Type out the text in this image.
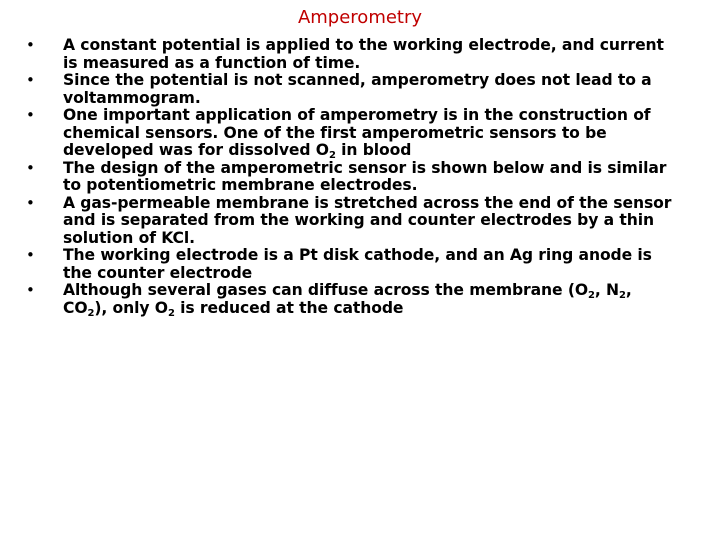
Amperometry
• A constant potential is applied to the working electrode, and current is measured as a function of time.
• Since the potential is not scanned, amperometry does not lead to a voltammogram.
• One important application of amperometry is in the construction of chemical sensors. One of the first amperometric sensors to be developed was for dissolved $O_2$ in blood
• The design of the amperometric sensor is shown below and is similar to potentiometric membrane electrodes.
• A gas‑permeable membrane is stretched across the end of the sensor and is separated from the working and counter electrodes by a thin solution of KCl.
• The working electrode is a Pt disk cathode, and an Ag ring anode is the counter electrode
• Although several gases can diffuse across the membrane ($O_2$, $N_2$, $CO_2$), only $O_2$ is reduced at the cathode
